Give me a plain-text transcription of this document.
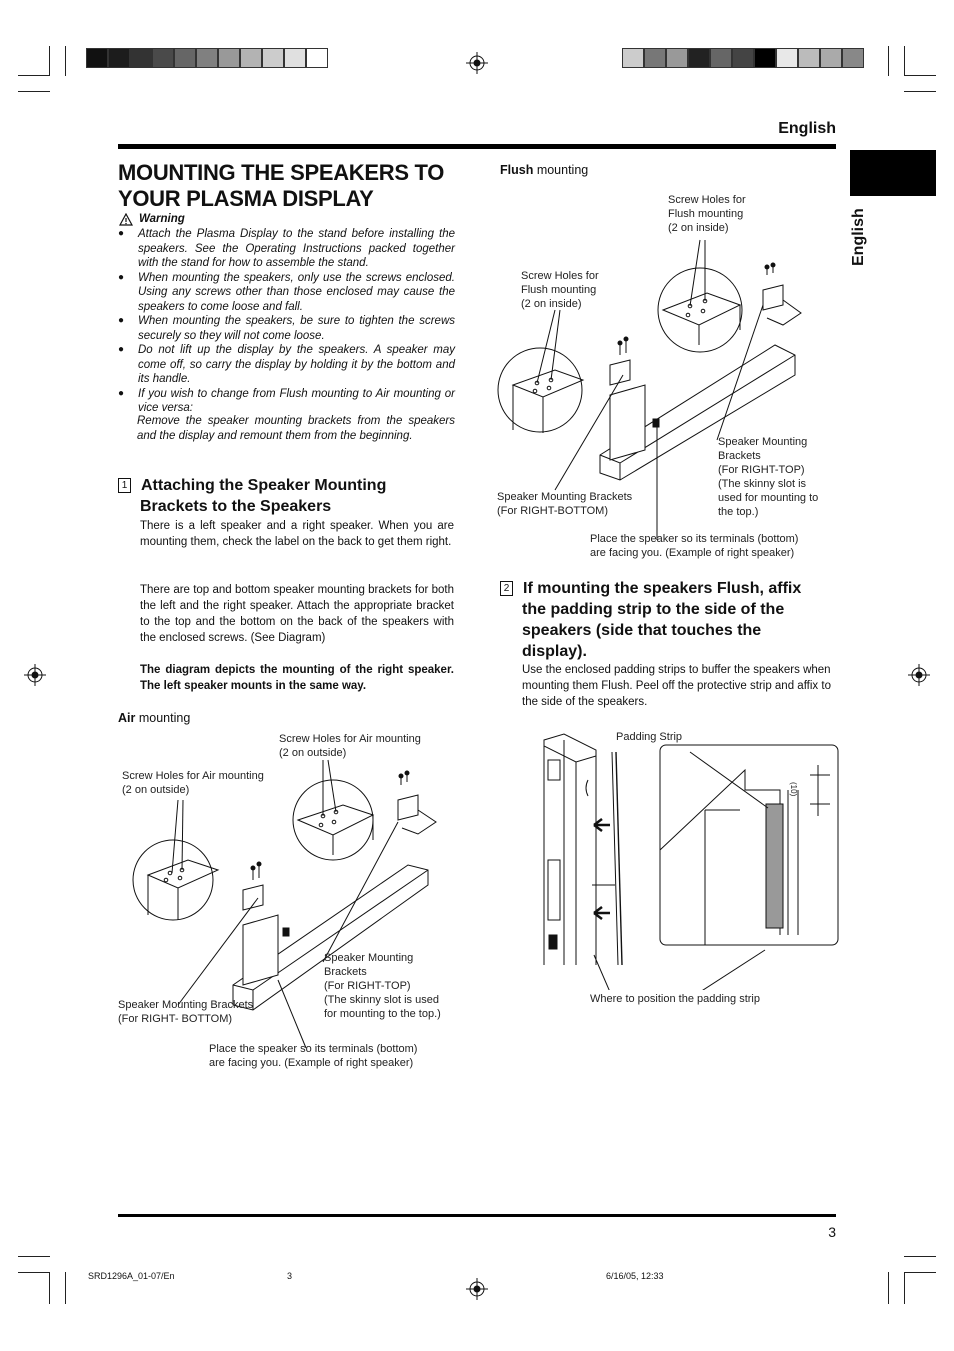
English
English
MOUNTING THE SPEAKERS TO
YOUR PLASMA DISPLAY
Warning
● Attach the Plasma Display to the stand before installing the speakers. See the Operating Instructions packed together with the stand for how to assemble the stand.
● When mounting the speakers, only use the screws enclosed. Using any screws other than those enclosed may cause the speakers to come loose and fall.
● When mounting the speakers, be sure to tighten the screws securely so they will not come loose.
● Do not lift up the display by the speakers. A speaker may come off, so carry the display by holding it by the bottom and its handle.
● If you wish to change from Flush mounting to Air mounting or vice versa:
Remove the speaker mounting brackets from the speakers and the display and remount them from the beginning.
1 Attaching the Speaker Mounting
Brackets to the Speakers
There is a left speaker and a right speaker. When you are mounting them, check the label on the back to get them right.
There are top and bottom speaker mounting brackets for both the left and the right speaker. Attach the appropriate bracket to the top and the bottom on the back of the speakers with the enclosed screws. (See Diagram)
The diagram depicts the mounting of the right speaker. The left speaker mounts in the same way.
Air mounting
Screw Holes for Air mounting
(2 on outside)
Screw Holes for Air mounting
(2 on outside)
Speaker Mounting
Brackets
(For RIGHT-TOP)
(The skinny slot is used
for mounting to the top.)
Speaker Mounting Brackets
(For RIGHT- BOTTOM)
Place the speaker so its terminals (bottom)
are facing you. (Example of right speaker)
Flush mounting
Screw Holes for
Flush mounting
(2 on inside)
Screw Holes for
Flush mounting
(2 on inside)
Speaker Mounting
Brackets
(For RIGHT-TOP)
(The skinny slot is
used for mounting to
the top.)
Speaker Mounting Brackets
(For RIGHT-BOTTOM)
Place the speaker so its terminals (bottom)
are facing you. (Example of right speaker)
2 If mounting the speakers Flush, affix
the padding strip to the side of the
speakers (side that touches the
display).
Use the enclosed padding strips to buffer the speakers when mounting them Flush. Peel off the protective strip and affix to the side of the speakers.
Padding Strip
(10)
Where to position the padding strip
3
SRD1296A_01-07/En	3	6/16/05, 12:33
